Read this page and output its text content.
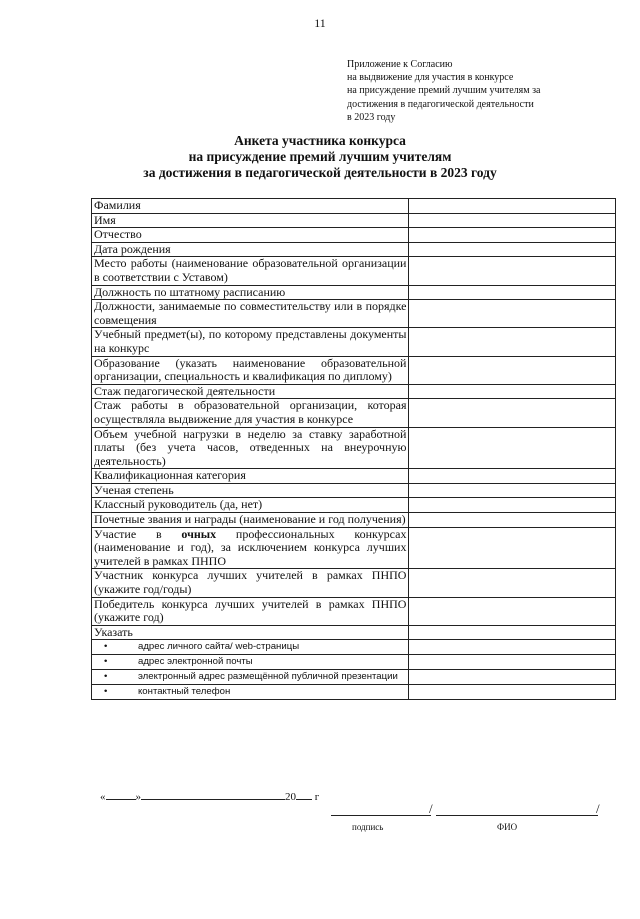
11
Приложение к Согласию
на выдвижение для участия в конкурсе
на присуждение премий лучшим учителям за
достижения в педагогической деятельности
в 2023 году
Анкета участника конкурса
на присуждение премий лучшим учителям
за достижения в педагогической деятельности в 2023 году
Фамилия	
Имя	
Отчество	
Дата рождения	
Место работы (наименование образовательной организации в соответствии с Уставом)	
Должность по штатному расписанию	
Должности, занимаемые по совместительству или в порядке совмещения	
Учебный предмет(ы), по которому представлены документы на конкурс	
Образование (указать наименование образовательной организации, специальность и квалификация по диплому)	
Стаж педагогической деятельности	
Стаж работы в образовательной организации, которая осуществляла выдвижение для участия в конкурсе	
Объем учебной нагрузки в неделю за ставку заработной платы (без учета часов, отведенных на внеурочную деятельность)	
Квалификационная категория	
Ученая степень	
Классный руководитель (да, нет)	
Почетные звания и награды (наименование и год получения)	
Участие в очных профессиональных конкурсах (наименование и год), за исключением конкурса лучших учителей в рамках ПНПО	
Участник конкурса лучших учителей в рамках ПНПО (укажите год/годы)	
Победитель конкурса лучших учителей в рамках ПНПО (укажите год)	
Указать	
• адрес личного сайта/ web-страницы	
• адрес электронной почты	
• электронный адрес размещённой публичной презентации	
• контактный телефон	
«	»	20 г
/	/
подпись	ФИО
